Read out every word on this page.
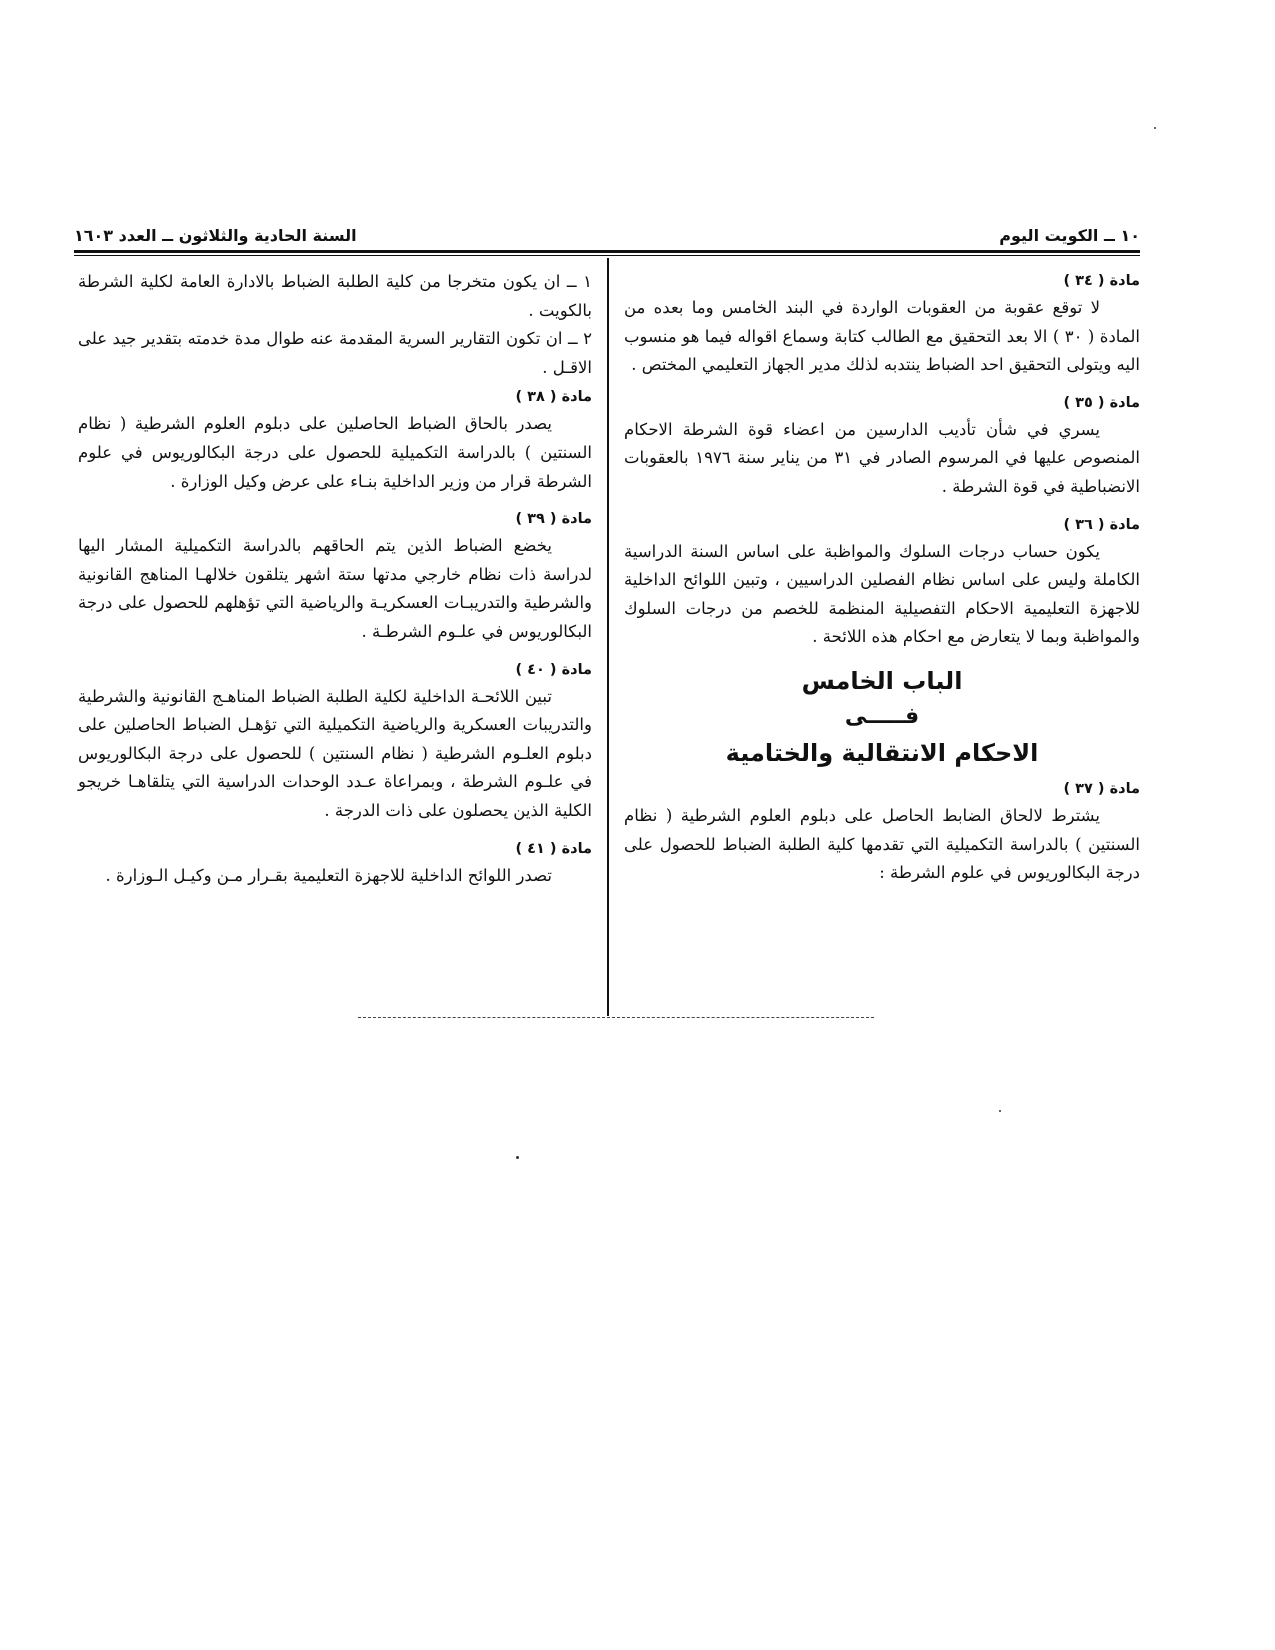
١٠ ــ الكويت اليوم
السنة الحادية والثلاثون ــ العدد ١٦٠٣

مادة ( ٣٤ )

لا توقع عقوبة من العقوبات الواردة في البند الخامس وما بعده من المادة ( ٣٠ ) الا بعد التحقيق مع الطالب كتابة وسماع اقواله فيما هو منسوب اليه ويتولى التحقيق احد الضباط ينتدبه لذلك مدير الجهاز التعليمي المختص .

مادة ( ٣٥ )

يسري في شأن تأديب الدارسين من اعضاء قوة الشرطة الاحكام المنصوص عليها في المرسوم الصادر في ٣١ من يناير سنة ١٩٧٦ بالعقوبات الانضباطية في قوة الشرطة .

مادة ( ٣٦ )

يكون حساب درجات السلوك والمواظبة على اساس السنة الدراسية الكاملة وليس على اساس نظام الفصلين الدراسيين ، وتبين اللوائح الداخلية للاجهزة التعليمية الاحكام التفصيلية المنظمة للخصم من درجات السلوك والمواظبة وبما لا يتعارض مع احكام هذه اللائحة .

الباب الخامس
فـــــى
الاحكام الانتقالية والختامية

مادة ( ٣٧ )

يشترط لالحاق الضابط الحاصل على دبلوم العلوم الشرطية ( نظام السنتين ) بالدراسة التكميلية التي تقدمها كلية الطلبة الضباط للحصول على درجة البكالوريوس في علوم الشرطة :

١ ــ ان يكون متخرجا من كلية الطلبة الضباط بالادارة العامة لكلية الشرطة بالكويت .

٢ ــ ان تكون التقارير السرية المقدمة عنه طوال مدة خدمته بتقدير جيد على الاقـل .

مادة ( ٣٨ )

يصدر بالحاق الضباط الحاصلين على دبلوم العلوم الشرطية ( نظام السنتين ) بالدراسة التكميلية للحصول على درجة البكالوريوس في علوم الشرطة قرار من وزير الداخلية بنـاء على عرض وكيل الوزارة .

مادة ( ٣٩ )

يخضع الضباط الذين يتم الحاقهم بالدراسة التكميلية المشار اليها لدراسة ذات نظام خارجي مدتها ستة اشهر يتلقون خلالهـا المناهج القانونية والشرطية والتدريبـات العسكريـة والرياضية التي تؤهلهم للحصول على درجة البكالوريوس في علـوم الشرطـة .

مادة ( ٤٠ )

تبين اللائحـة الداخلية لكلية الطلبة الضباط المناهـج القانونية والشرطية والتدريبات العسكرية والرياضية التكميلية التي تؤهـل الضباط الحاصلين على دبلوم العلـوم الشرطية ( نظام السنتين ) للحصول على درجة البكالوريوس في علـوم الشرطة ، وبمراعاة عـدد الوحدات الدراسية التي يتلقاهـا خريجو الكلية الذين يحصلون على ذات الدرجة .

مادة ( ٤١ )

تصدر اللوائح الداخلية للاجهزة التعليمية بقـرار مـن وكيـل الـوزارة .
